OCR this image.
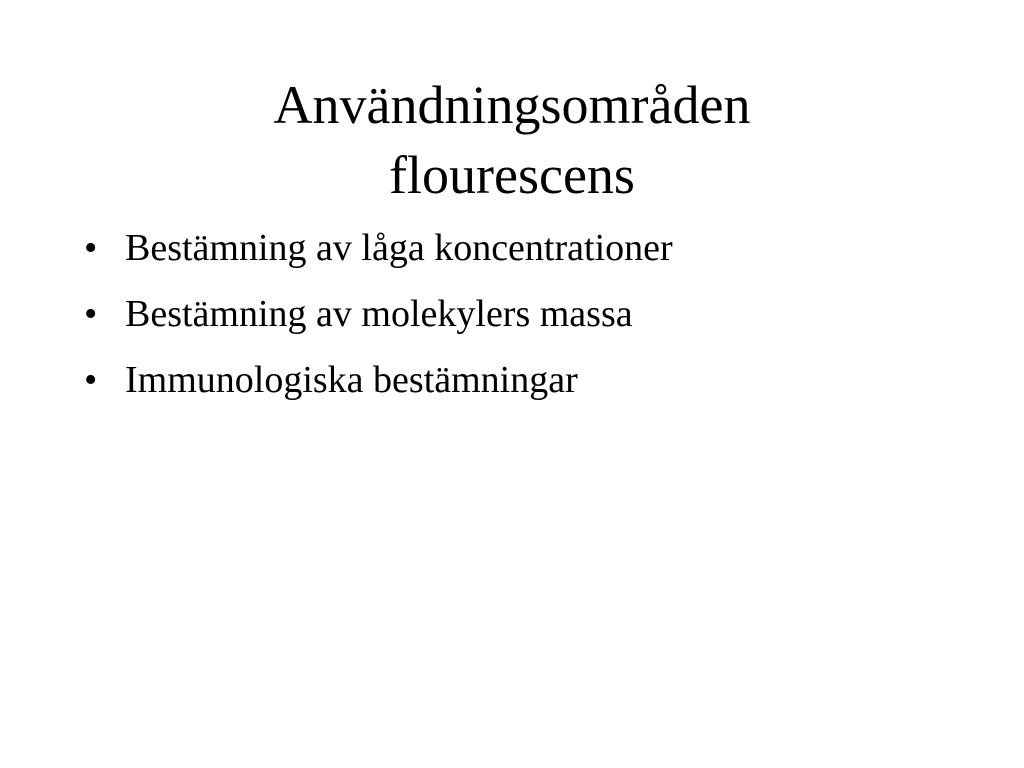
Användningsområden
flourescens
• Bestämning av låga koncentrationer
• Bestämning av molekylers massa
• Immunologiska bestämningar
